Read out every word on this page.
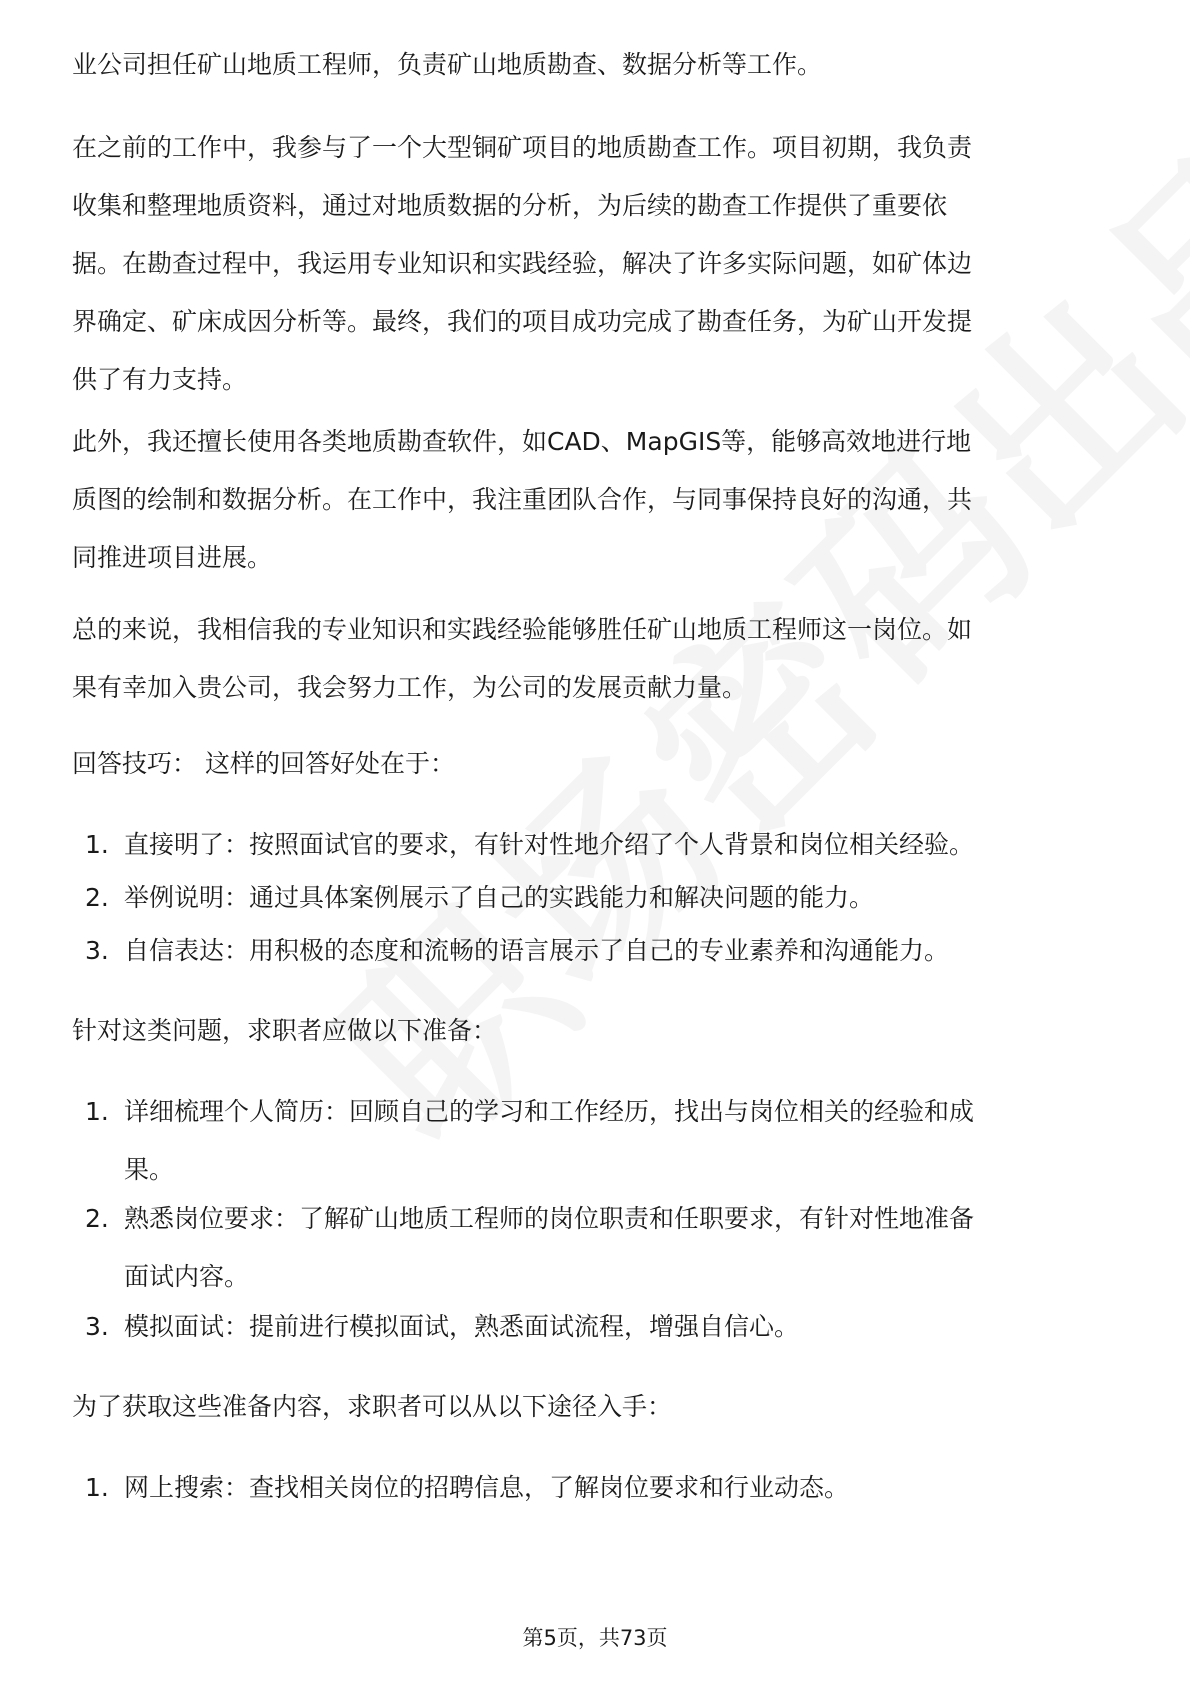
业公司担任矿山地质工程师，负责矿山地质勘查、数据分析等工作。

在之前的工作中，我参与了一个大型铜矿项目的地质勘查工作。项目初期，我负责
收集和整理地质资料，通过对地质数据的分析，为后续的勘查工作提供了重要依
据。在勘查过程中，我运用专业知识和实践经验，解决了许多实际问题，如矿体边
界确定、矿床成因分析等。最终，我们的项目成功完成了勘查任务，为矿山开发提
供了有力支持。

此外，我还擅长使用各类地质勘查软件，如CAD、MapGIS等，能够高效地进行地
质图的绘制和数据分析。在工作中，我注重团队合作，与同事保持良好的沟通，共
同推进项目进展。

总的来说，我相信我的专业知识和实践经验能够胜任矿山地质工程师这一岗位。如
果有幸加入贵公司，我会努力工作，为公司的发展贡献力量。

回答技巧： 这样的回答好处在于：

1. 直接明了：按照面试官的要求，有针对性地介绍了个人背景和岗位相关经验。
2. 举例说明：通过具体案例展示了自己的实践能力和解决问题的能力。
3. 自信表达：用积极的态度和流畅的语言展示了自己的专业素养和沟通能力。

针对这类问题，求职者应做以下准备：

1. 详细梳理个人简历：回顾自己的学习和工作经历，找出与岗位相关的经验和成
果。
2. 熟悉岗位要求：了解矿山地质工程师的岗位职责和任职要求，有针对性地准备
面试内容。
3. 模拟面试：提前进行模拟面试，熟悉面试流程，增强自信心。

为了获取这些准备内容，求职者可以从以下途径入手：

1. 网上搜索：查找相关岗位的招聘信息，了解岗位要求和行业动态。
第5页，共73页
